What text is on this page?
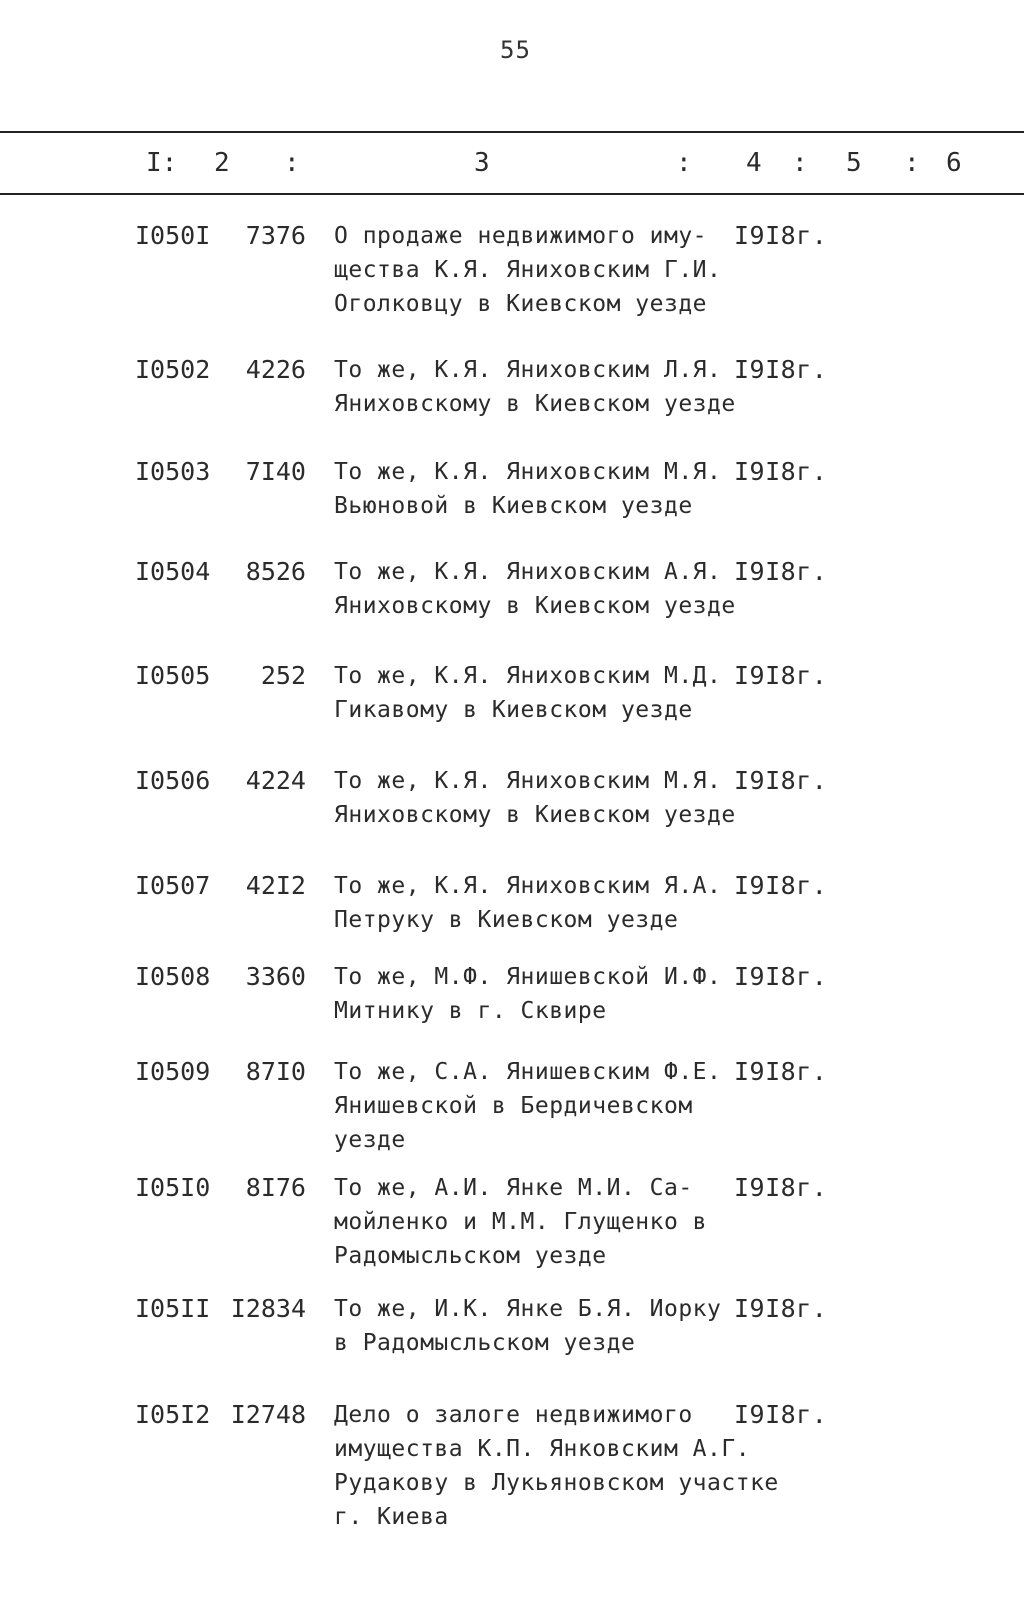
55
I: 2 :	3	: 4 : 5 : 6
I050I 7376 О продаже недвижимого иму-
щества К.Я. Яниховским Г.И.
Оголковцу в Киевском уезде
I9I8г.
I0502 4226 То же, К.Я. Яниховским Л.Я.
Яниховскому в Киевском уезде
I9I8г.
I0503 7I40 То же, К.Я. Яниховским М.Я.
Вьюновой в Киевском уезде
I9I8г.
I0504 8526 То же, К.Я. Яниховским А.Я.
Яниховскому в Киевском уезде
I9I8г.
I0505 252 То же, К.Я. Яниховским М.Д.
Гикавому в Киевском уезде
I9I8г.
I0506 4224 То же, К.Я. Яниховским М.Я.
Яниховскому в Киевском уезде
I9I8г.
I0507 42I2 То же, К.Я. Яниховским Я.А.
Петруку в Киевском уезде
I9I8г.
I0508 3360 То же, М.Ф. Янишевской И.Ф.
Митнику в г. Сквире
I9I8г.
I0509 87I0 То же, С.А. Янишевским Ф.Е.
Янишевской в Бердичевском
уезде
I9I8г.
I05I0 8I76 То же, А.И. Янке М.И. Са-
мойленко и М.М. Глущенко в
Радомысльском уезде
I9I8г.
I05II I2834 То же, И.К. Янке Б.Я. Иорку
в Радомысльском уезде
I9I8г.
I05I2 I2748 Дело о залоге недвижимого
имущества К.П. Янковским А.Г.
Рудакову в Лукьяновском участке
г. Киева
I9I8г.
